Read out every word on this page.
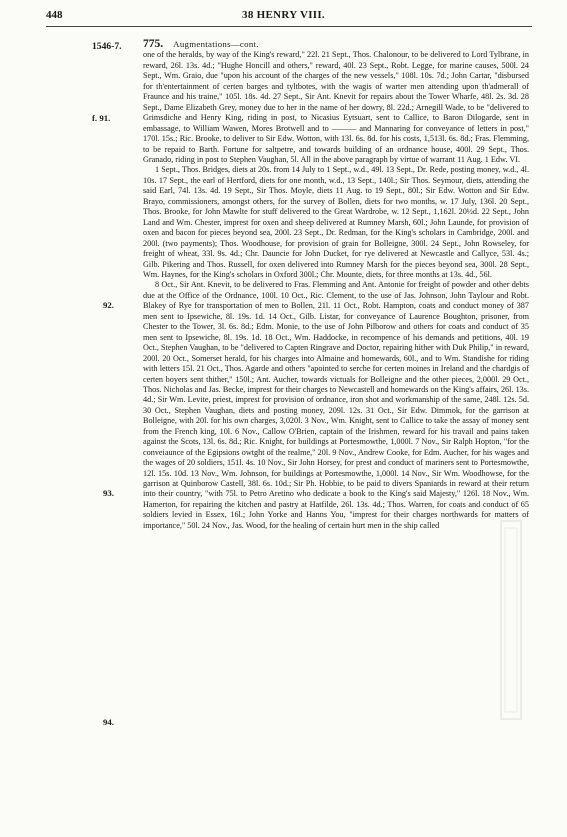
448	38 HENRY VIII.
1546-7.
f. 91.
92.
93.
94.

775. Augmentations—cont.

one of the heralds, by way of the King's reward," 22l. 21 Sept., Thos. Chalonour, to be delivered to Lord Tylbrane, in reward, 26l. 13s. 4d.; "Hughe Honcill and others," reward, 40l. 23 Sept., Robt. Legge, for marine causes, 500l. 24 Sept., Wm. Graio, due "upon his account of the charges of the new vessels," 108l. 10s. 7d.; John Cartar, "disbursed for th'entertainment of certen barges and tyltbotes, with the wagis of warter men attending upon th'admerall of Fraunce and his traine," 105l. 18s. 4d. 27 Sept., Sir Ant. Knevit for repairs about the Tower Wharfe, 48l. 2s. 3d. 28 Sept., Dame Elizabeth Grey, money due to her in the name of her dowry, 8l. 22d.; Arnegill Wade, to be "delivered to Grimsdiche and Henry King, riding in post, to Nicasius Eytsuart, sent to Callice, to Baron Dilogarde, sent in embassage, to William Wawen, Mores Brotwell and to ——— and Mannaring for conveyance of letters in post," 170l. 15s.; Ric. Brooke, to deliver to Sir Edw. Wotton, with 13l. 6s. 8d. for his costs, 1,513l. 6s. 8d.; Fras. Flemming, to be repaid to Barth. Fortune for saltpetre, and towards building of an ordnance house, 400l. 29 Sept., Thos. Granado, riding in post to Stephen Vaughan, 5l. All in the above paragraph by virtue of warrant 11 Aug. 1 Edw. VI.

1 Sept., Thos. Bridges, diets at 20s. from 14 July to 1 Sept., w.d., 49l. 13 Sept., Dr. Rede, posting money, w.d., 4l. 10s. 17 Sept., the earl of Hertford, diets for one month, w.d., 13 Sept., 140l.; Sir Thos. Seymour, diets, attending the said Earl, 74l. 13s. 4d. 19 Sept., Sir Thos. Moyle, diets 11 Aug. to 19 Sept., 80l.; Sir Edw. Wotton and Sir Edw. Brayo, commissioners, amongst others, for the survey of Bollen, diets for two months, w. 17 July, 136l. 20 Sept., Thos. Brooke, for John Mawlte for stuff delivered to the Great Wardrobe, w. 12 Sept., 1,162l. 20½d. 22 Sept., John Land and Wm. Chester, imprest for oxen and sheep delivered at Rumney Marsh, 60l.; John Launde, for provision of oxen and bacon for pieces beyond sea, 200l. 23 Sept., Dr. Redman, for the King's scholars in Cambridge, 200l. and 200l. (two payments); Thos. Woodhouse, for provision of grain for Bolleigne, 300l. 24 Sept., John Rowseley, for freight of wheat, 33l. 9s. 4d.; Chr. Dauncie for John Ducket, for rye delivered at Newcastle and Callyce, 53l. 4s.; Gilb. Pikering and Thos. Russell, for oxen delivered into Rumney Marsh for the pieces beyond sea, 300l. 28 Sept., Wm. Haynes, for the King's scholars in Oxford 300l.; Chr. Mounte, diets, for three months at 13s. 4d., 56l.

8 Oct., Sir Ant. Knevit, to be delivered to Fras. Flemming and Ant. Antonie for freight of powder and other debts due at the Office of the Ordnance, 100l. 10 Oct., Ric. Clement, to the use of Jas. Johnson, John Taylour and Robt. Blakey of Rye for transportation of men to Bollen, 21l. 11 Oct., Robt. Hampton, coats and conduct money of 387 men sent to Ipsewiche, 8l. 19s. 1d. 14 Oct., Gilb. Listar, for conveyance of Laurence Boughton, prisoner, from Chester to the Tower, 3l. 6s. 8d.; Edm. Monie, to the use of John Pilborow and others for coats and conduct of 35 men sent to Ipsewiche, 8l. 19s. 1d. 18 Oct., Wm. Haddocke, in recompence of his demands and petitions, 40l. 19 Oct., Stephen Vaughan, to be "delivered to Capten Ringrave and Doctor, repairing hither with Duk Philip," in reward, 200l. 20 Oct., Somerset herald, for his charges into Almaine and homewards, 60l., and to Wm. Standishe for riding with letters 15l. 21 Oct., Thos. Agarde and others "apointed to serche for certen moines in Ireland and the chardgis of certen boyers sent thither," 150l.; Ant. Aucher, towards victuals for Bolleigne and the other pieces, 2,000l. 29 Oct., Thos. Nicholas and Jas. Becke, imprest for their charges to Newcastell and homewards on the King's affairs, 26l. 13s. 4d.; Sir Wm. Levite, priest, imprest for provision of ordnance, iron shot and workmanship of the same, 248l. 12s. 5d. 30 Oct., Stephen Vaughan, diets and posting money, 209l. 12s. 31 Oct., Sir Edw. Dimmok, for the garrison at Bolleigne, with 20l. for his own charges, 3,020l. 3 Nov., Wm. Knight, sent to Callice to take the assay of money sent from the French king, 10l. 6 Nov., Callow O'Brien, captain of the Irishmen, reward for his travail and pains taken against the Scots, 13l. 6s. 8d.; Ric. Knight, for buildings at Portesmowthe, 1,000l. 7 Nov., Sir Ralph Hopton, "for the conveiaunce of the Egipsions owtght of the realme," 20l. 9 Nov., Andrew Cooke, for Edm. Aucher, for his wages and the wages of 20 soldiers, 151l. 4s. 10 Nov., Sir John Horsey, for prest and conduct of mariners sent to Portesmowthe, 12l. 15s. 10d. 13 Nov., Wm. Johnson, for buildings at Portesmowthe, 1,000l. 14 Nov., Sir Wm. Woodhowse, for the garrison at Quinborow Castell, 38l. 6s. 10d.; Sir Ph. Hobbie, to be paid to divers Spaniards in reward at their return into their country, "with 75l. to Petro Aretino who dedicate a book to the King's said Majesty," 126l. 18 Nov., Wm. Hamerton, for repairing the kitchen and pastry at Hatfilde, 26l. 13s. 4d.; Thos. Warren, for coats and conduct of 65 soldiers levied in Essex, 16l.; John Yorke and Hanns You, "imprest for their charges northwards for matters of importance," 50l. 24 Nov., Jas. Wood, for the healing of certain hurt men in the ship called
